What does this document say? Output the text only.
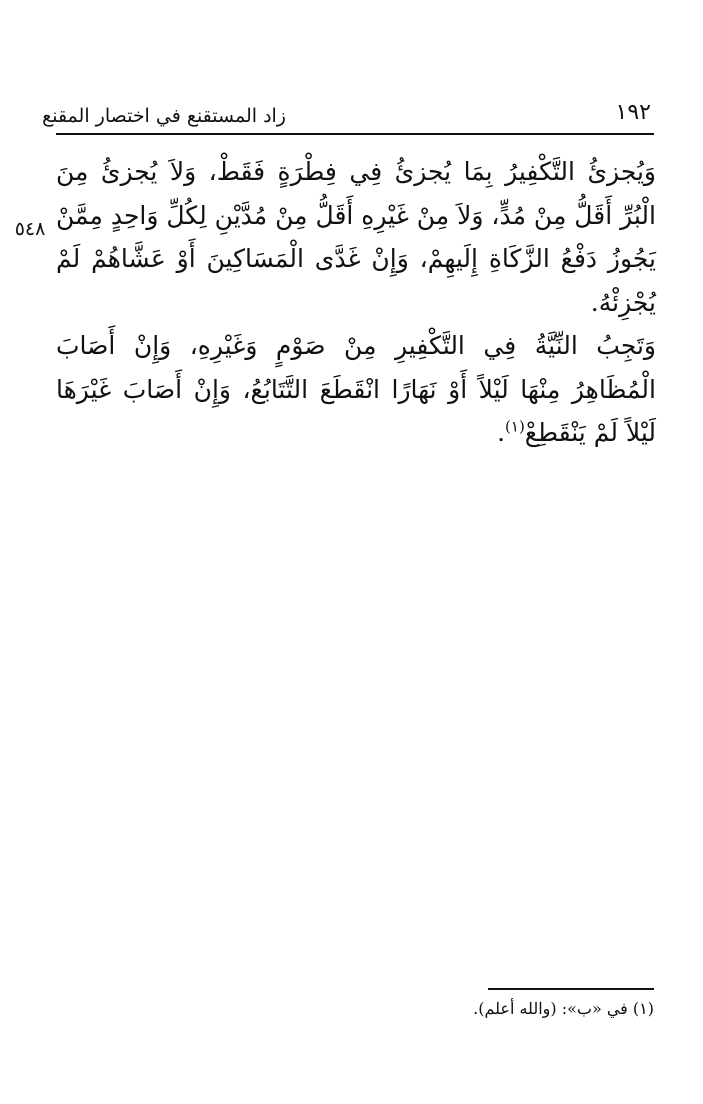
زاد المستقنع في اختصار المقنع	١٩٢
٥٤٨

وَيُجزئُ التَّكْفِيرُ بِمَا يُجزئُ فِي فِطْرَةٍ فَقَطْ، وَلاَ يُجزئُ مِنَ الْبُرِّ أَقَلُّ مِنْ مُدٍّ، وَلاَ مِنْ غَيْرِهِ أَقَلُّ مِنْ مُدَّيْنِ لِكُلِّ وَاحِدٍ مِمَّنْ يَجُوزُ دَفْعُ الزَّكَاةِ إِلَيهِمْ، وَإِنْ غَدَّى الْمَسَاكِينَ أَوْ عَشَّاهُمْ لَمْ يُجْزِئْهُ.

وَتَجِبُ النِّيَّةُ فِي التَّكْفِيرِ مِنْ صَوْمٍ وَغَيْرِهِ، وَإِنْ أَصَابَ الْمُظَاهِرُ مِنْهَا لَيْلاً أَوْ نَهَارًا انْقَطَعَ التَّتَابُعُ، وَإِنْ أَصَابَ غَيْرَهَا لَيْلاً لَمْ يَنْقَطِعْ$^{(١)}$.

(١) في «ب»: (والله أعلم).
